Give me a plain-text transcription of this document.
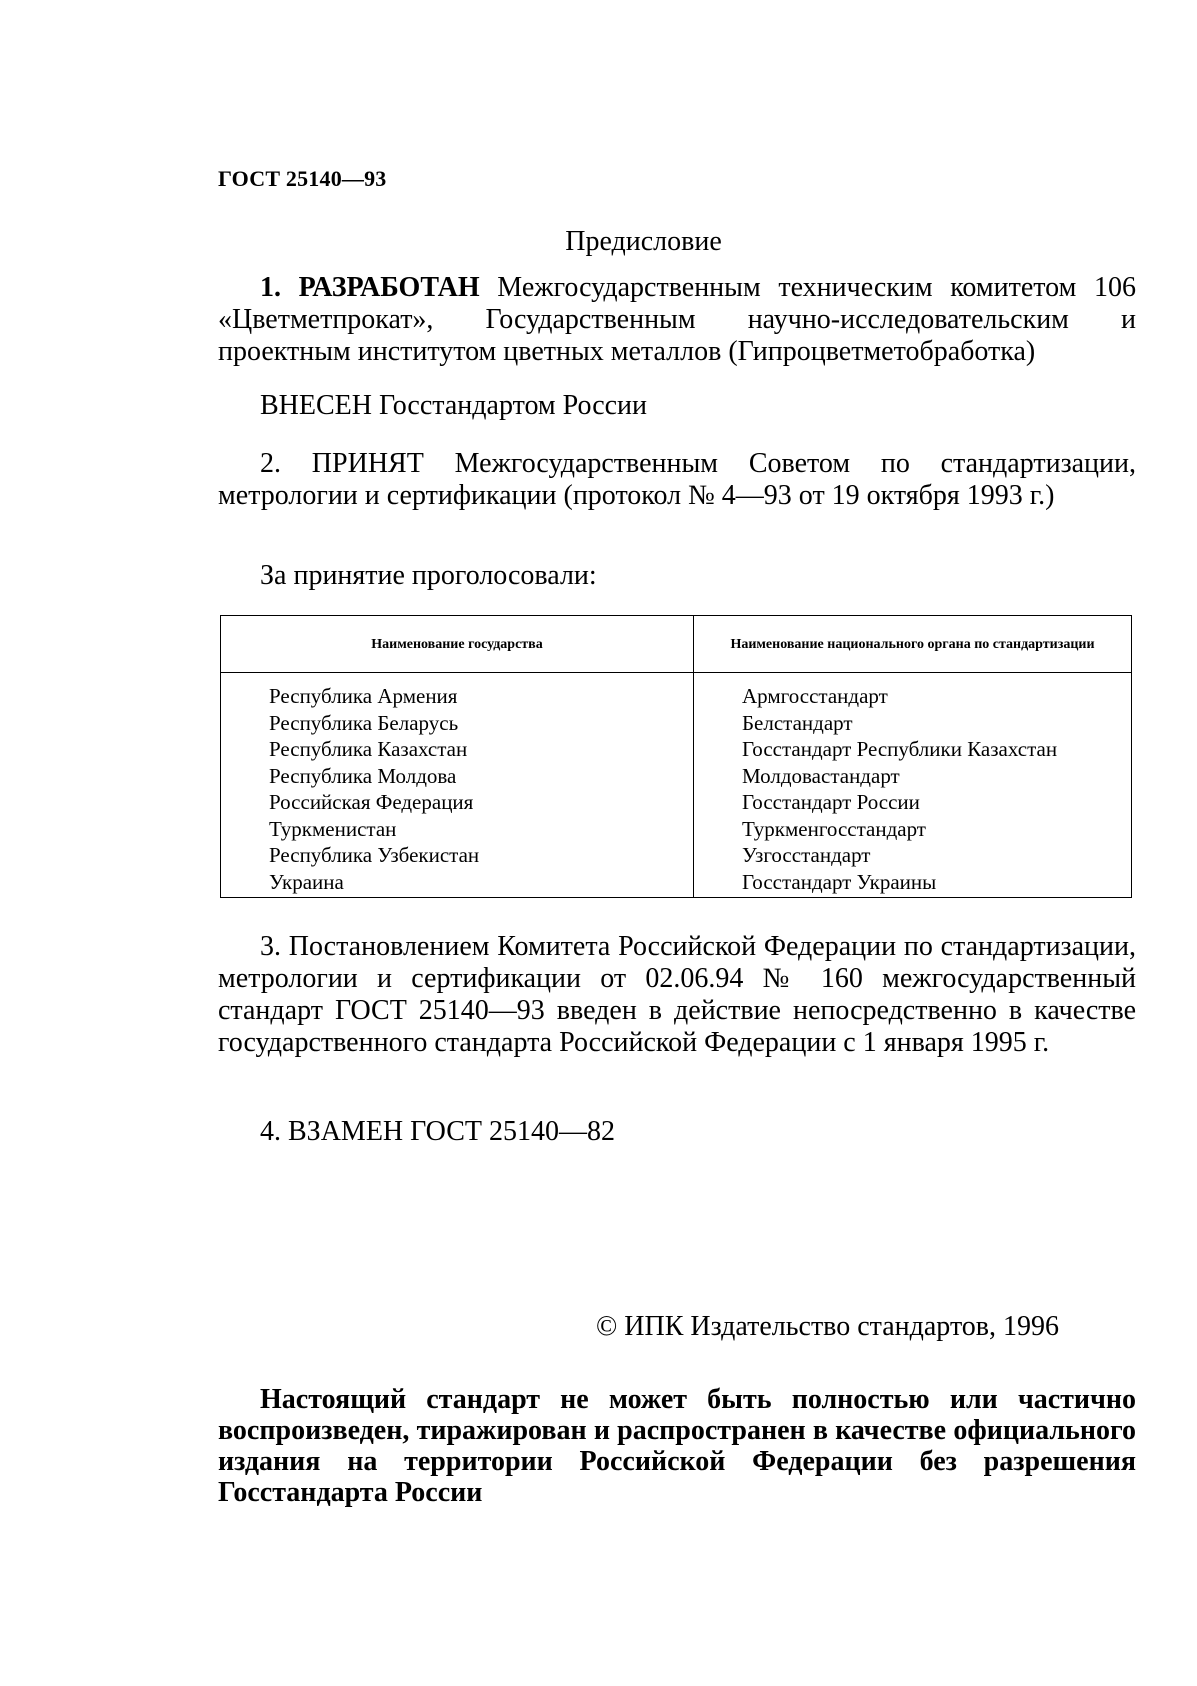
ГОСТ 25140—93
Предисловие
1. РАЗРАБОТАН Межгосударственным техническим комитетом 106 «Цветметпрокат», Государственным научно-исследовательским и проектным институтом цветных металлов (Гипроцветметобработка)
ВНЕСЕН Госстандартом России
2. ПРИНЯТ Межгосударственным Советом по стандартизации, метрологии и сертификации (протокол № 4—93 от 19 октября 1993 г.)
За принятие проголосовали:
Наименование государства	Наименование национального органа по стандартизации
Республика Армения	Армгосстандарт
Республика Беларусь	Белстандарт
Республика Казахстан	Госстандарт Республики Казахстан
Республика Молдова	Молдовастандарт
Российская Федерация	Госстандарт России
Туркменистан	Туркменгосстандарт
Республика Узбекистан	Узгосстандарт
Украина	Госстандарт Украины
3. Постановлением Комитета Российской Федерации по стандартизации, метрологии и сертификации от 02.06.94 № 160 межгосударственный стандарт ГОСТ 25140—93 введен в действие непосредственно в качестве государственного стандарта Российской Федерации с 1 января 1995 г.
4. ВЗАМЕН ГОСТ 25140—82
© ИПК Издательство стандартов, 1996
Настоящий стандарт не может быть полностью или частично воспроизведен, тиражирован и распространен в качестве официального издания на территории Российской Федерации без разрешения Госстандарта России
